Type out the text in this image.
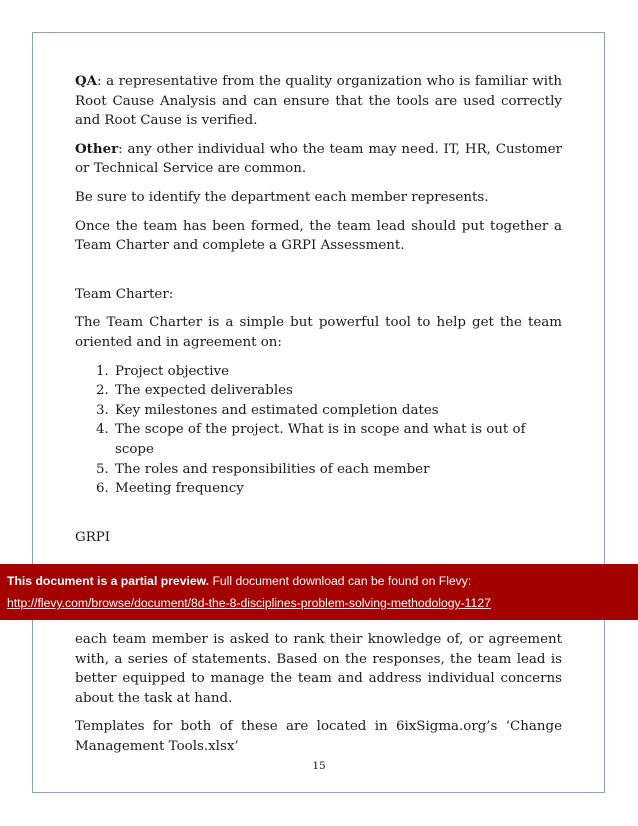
QA: a representative from the quality organization who is familiar with Root Cause Analysis and can ensure that the tools are used correctly and Root Cause is verified.

Other: any other individual who the team may need. IT, HR, Customer or Technical Service are common.

Be sure to identify the department each member represents.

Once the team has been formed, the team lead should put together a Team Charter and complete a GRPI Assessment.

Team Charter:

The Team Charter is a simple but powerful tool to help get the team oriented and in agreement on:

1. Project objective
2. The expected deliverables
3. Key milestones and estimated completion dates
4. The scope of the project. What is in scope and what is out of scope
5. The roles and responsibilities of each member
6. Meeting frequency

GRPI

each team member is asked to rank their knowledge of, or agreement with, a series of statements. Based on the responses, the team lead is better equipped to manage the team and address individual concerns about the task at hand.

Templates for both of these are located in 6ixSigma.org’s ‘Change Management Tools.xlsx’

15
This document is a partial preview. Full document download can be found on Flevy:
http://flevy.com/browse/document/8d-the-8-disciplines-problem-solving-methodology-1127
